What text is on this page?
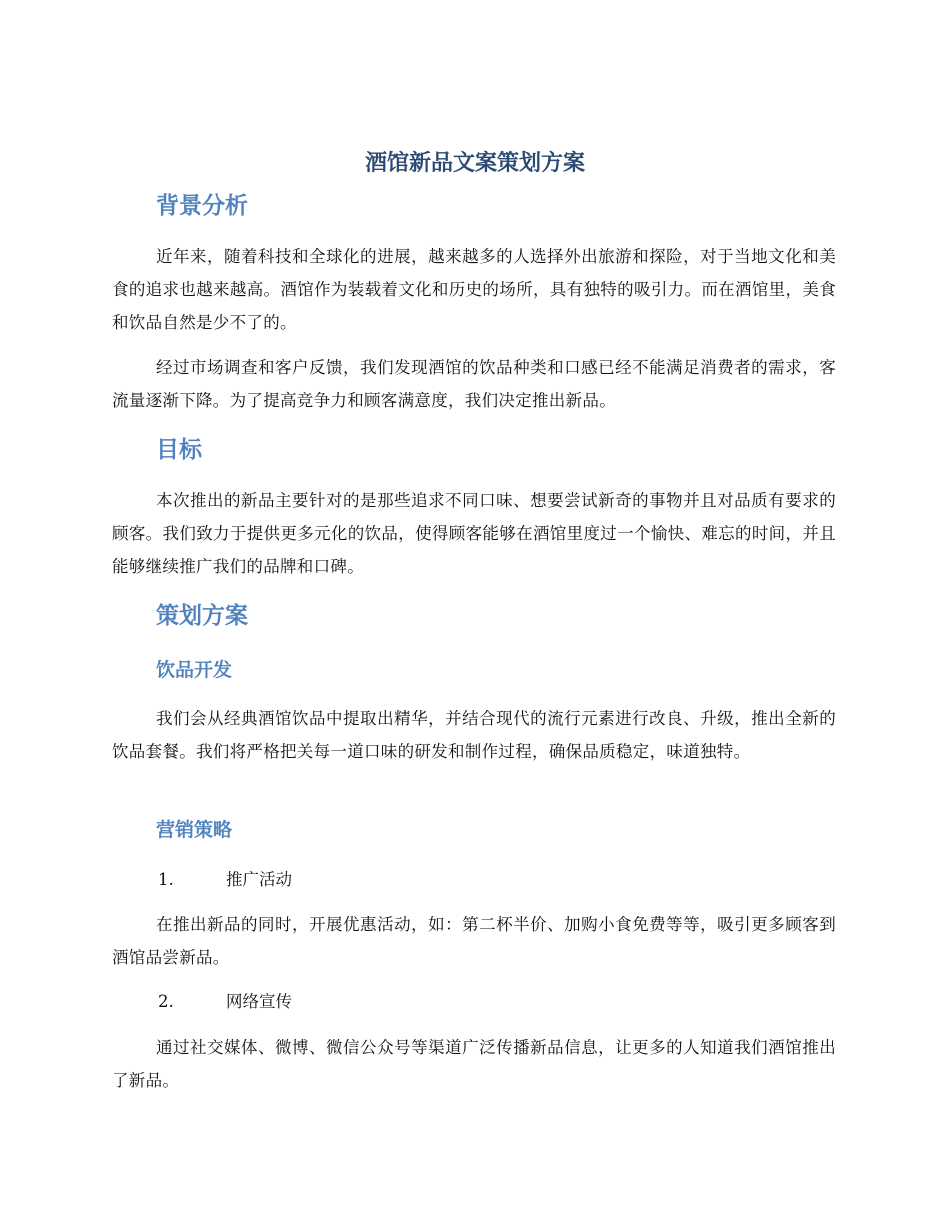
酒馆新品文案策划方案
背景分析

近年来，随着科技和全球化的进展，越来越多的人选择外出旅游和探险，对于当地文化和美食的追求也越来越高。酒馆作为装载着文化和历史的场所，具有独特的吸引力。而在酒馆里，美食和饮品自然是少不了的。

经过市场调查和客户反馈，我们发现酒馆的饮品种类和口感已经不能满足消费者的需求，客流量逐渐下降。为了提高竞争力和顾客满意度，我们决定推出新品。

目标

本次推出的新品主要针对的是那些追求不同口味、想要尝试新奇的事物并且对品质有要求的顾客。我们致力于提供更多元化的饮品，使得顾客能够在酒馆里度过一个愉快、难忘的时间，并且能够继续推广我们的品牌和口碑。

策划方案
饮品开发

我们会从经典酒馆饮品中提取出精华，并结合现代的流行元素进行改良、升级，推出全新的饮品套餐。我们将严格把关每一道口味的研发和制作过程，确保品质稳定，味道独特。

营销策略
1.	推广活动

在推出新品的同时，开展优惠活动，如：第二杯半价、加购小食免费等等，吸引更多顾客到酒馆品尝新品。

2.	网络宣传

通过社交媒体、微博、微信公众号等渠道广泛传播新品信息，让更多的人知道我们酒馆推出了新品。
